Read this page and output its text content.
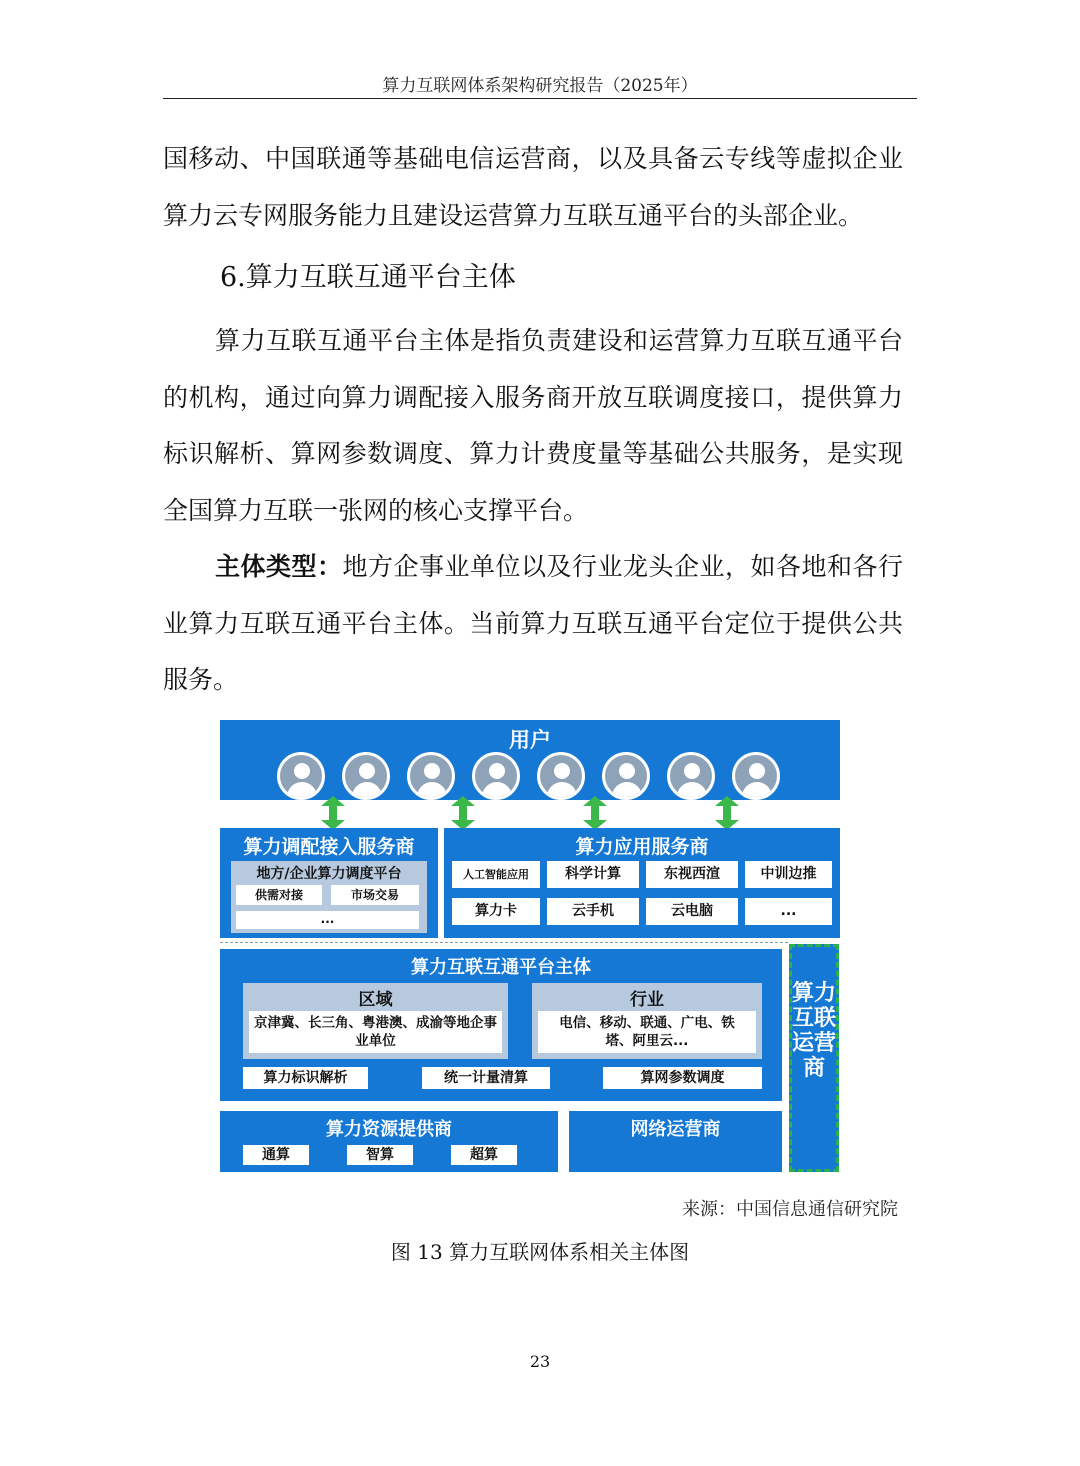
算力互联网体系架构研究报告（2025年）

国移动、中国联通等基础电信运营商，以及具备云专线等虚拟企业算力云专网服务能力且建设运营算力互联互通平台的头部企业。

6.算力互联互通平台主体

算力互联互通平台主体是指负责建设和运营算力互联互通平台的机构，通过向算力调配接入服务商开放互联调度接口，提供算力标识解析、算网参数调度、算力计费度量等基础公共服务，是实现全国算力互联一张网的核心支撑平台。

主体类型：地方企事业单位以及行业龙头企业，如各地和各行业算力互联互通平台主体。当前算力互联互通平台定位于提供公共服务。

用户
算力调配接入服务商
地方/企业算力调度平台
供需对接	市场交易
...
算力应用服务商
人工智能应用	科学计算	东视西渲	中训边推
算力卡	云手机	云电脑	...
算力互联互通平台主体
区域
京津冀、长三角、粤港澳、成渝等地企事业单位
行业
电信、移动、联通、广电、铁塔、阿里云...
算力标识解析	统一计量清算	算网参数调度
算力资源提供商
通算	智算	超算
网络运营商
算力互联运营商
来源：中国信息通信研究院
图 13 算力互联网体系相关主体图
23
